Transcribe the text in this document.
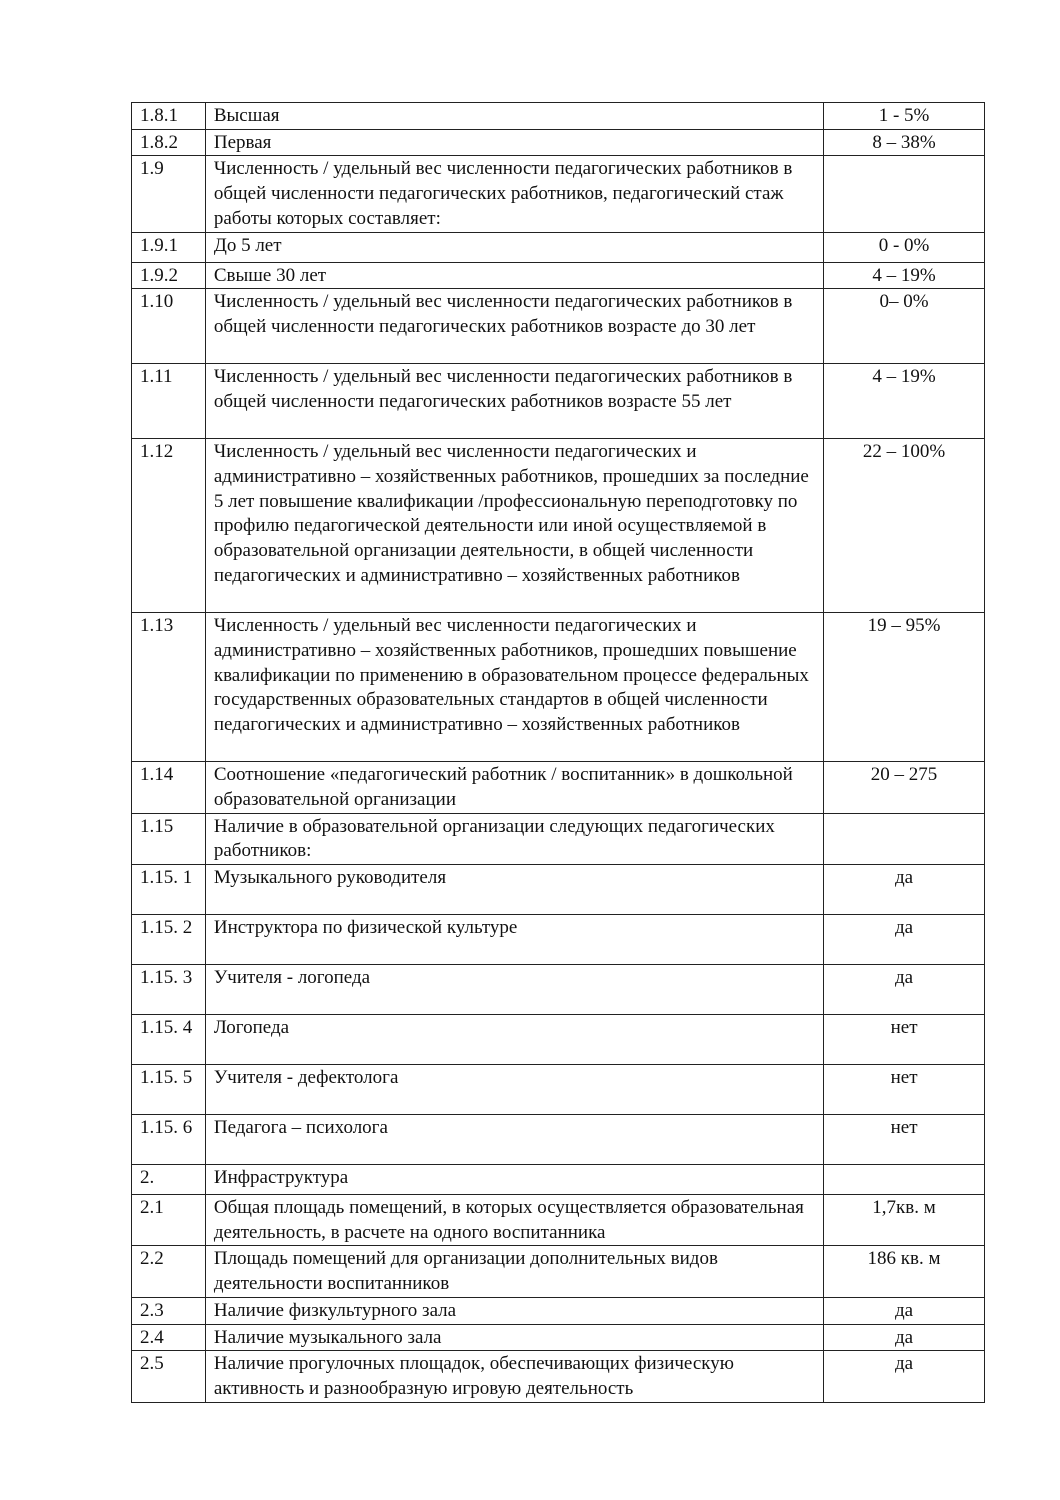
1.8.1	Высшая	1 - 5%

1.8.2	Первая	8 – 38%

1.9	Численность / удельный вес численности педагогических работников в общей численности педагогических работников, педагогический стаж работы которых составляет:	

1.9.1	До 5 лет	0 - 0%

1.9.2	Свыше 30 лет	4 – 19%

1.10	Численность / удельный вес численности педагогических работников в общей численности педагогических работников возрасте до 30 лет	0– 0%

1.11	Численность / удельный вес численности педагогических работников в общей численности педагогических работников возрасте 55 лет	4 – 19%

1.12	Численность / удельный вес численности педагогических и административно – хозяйственных работников, прошедших за последние 5 лет повышение квалификации /профессиональную переподготовку по профилю педагогической деятельности или иной осуществляемой в образовательной организации деятельности, в общей численности педагогических и административно – хозяйственных работников	22 – 100%

1.13	Численность / удельный вес численности педагогических и административно – хозяйственных работников, прошедших повышение квалификации по применению в образовательном процессе федеральных государственных образовательных стандартов в общей численности педагогических и административно – хозяйственных работников	19 – 95%

1.14	Соотношение «педагогический работник / воспитанник» в дошкольной образовательной организации	20 – 275

1.15	Наличие в образовательной организации следующих педагогических работников:	

1.15. 1	Музыкального руководителя	да

1.15. 2	Инструктора по физической культуре	да

1.15. 3	Учителя - логопеда	да

1.15. 4	Логопеда	нет

1.15. 5	Учителя - дефектолога	нет

1.15. 6	Педагога – психолога	нет

2.	Инфраструктура	

2.1	Общая площадь помещений, в которых осуществляется образовательная деятельность, в расчете на одного воспитанника	1,7кв. м

2.2	Площадь помещений для организации дополнительных видов деятельности воспитанников	186 кв. м

2.3	Наличие физкультурного зала	да

2.4	Наличие музыкального зала	да

2.5	Наличие прогулочных площадок, обеспечивающих физическую активность и разнообразную игровую деятельность	да
